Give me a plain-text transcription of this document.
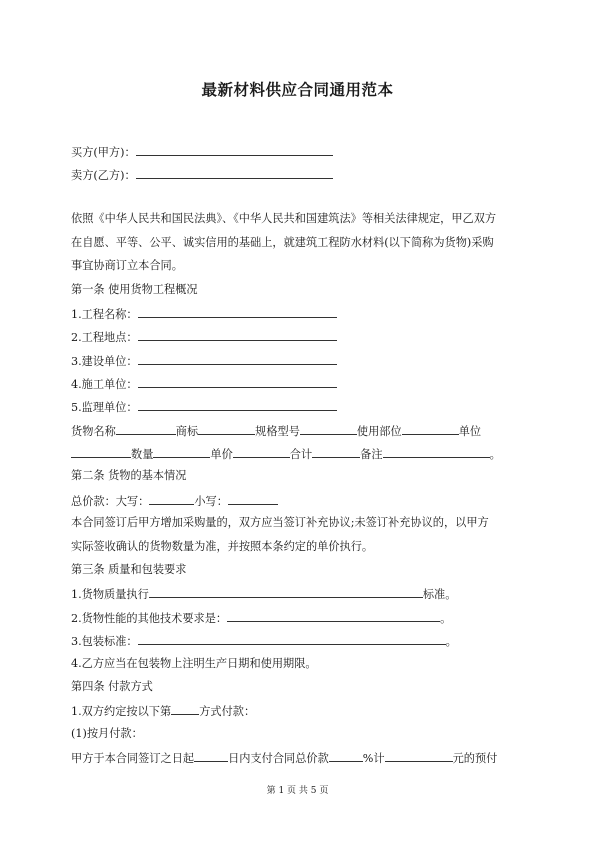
最新材料供应合同通用范本
买方(甲方)：
卖方(乙方)：
依照《中华人民共和国民法典》、《中华人民共和国建筑法》等相关法律规定，甲乙双方
在自愿、平等、公平、诚实信用的基础上，就建筑工程防水材料(以下简称为货物)采购
事宜协商订立本合同。
第一条 使用货物工程概况
1.工程名称：
2.工程地点：
3.建设单位：
4.施工单位：
5.监理单位：
货物名称	商标	规格型号	使用部位	单位
数量	单价	合计	备注	。
第二条 货物的基本情况
总价款：大写：	小写：
本合同签订后甲方增加采购量的，双方应当签订补充协议;未签订补充协议的，以甲方
实际签收确认的货物数量为准，并按照本条约定的单价执行。
第三条 质量和包装要求
1.货物质量执行	标准。
2.货物性能的其他技术要求是：	。
3.包装标准：	。
4.乙方应当在包装物上注明生产日期和使用期限。
第四条 付款方式
1.双方约定按以下第	方式付款：
(1)按月付款：
甲方于本合同签订之日起	日内支付合同总价款	%计	元的预付
第 1 页 共 5 页
